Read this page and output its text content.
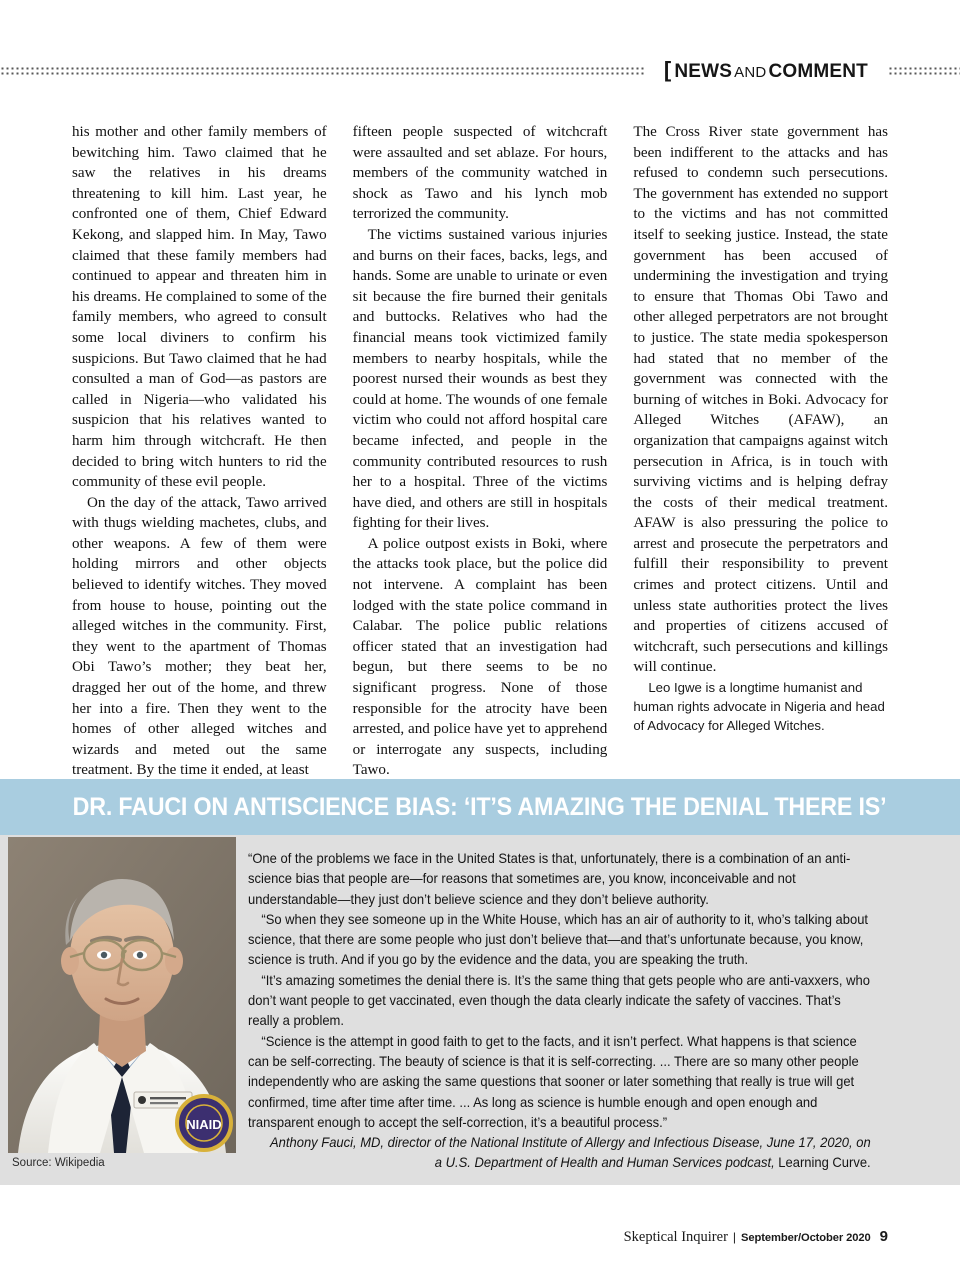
[ NEWS AND COMMENT

his mother and other family members of bewitching him. Tawo claimed that he saw the relatives in his dreams threatening to kill him. Last year, he confronted one of them, Chief Edward Kekong, and slapped him. In May, Tawo claimed that these family members had continued to appear and threaten him in his dreams. He complained to some of the family members, who agreed to consult some local diviners to confirm his suspicions. But Tawo claimed that he had consulted a man of God—as pastors are called in Nigeria—who validated his suspicion that his relatives wanted to harm him through witchcraft. He then decided to bring witch hunters to rid the community of these evil people.

On the day of the attack, Tawo arrived with thugs wielding machetes, clubs, and other weapons. A few of them were holding mirrors and other objects believed to identify witches. They moved from house to house, pointing out the alleged witches in the community. First, they went to the apartment of Thomas Obi Tawo’s mother; they beat her, dragged her out of the home, and threw her into a fire. Then they went to the homes of other alleged witches and wizards and meted out the same treatment. By the time it ended, at least

fifteen people suspected of witchcraft were assaulted and set ablaze. For hours, members of the community watched in shock as Tawo and his lynch mob terrorized the community.

The victims sustained various injuries and burns on their faces, backs, legs, and hands. Some are unable to urinate or even sit because the fire burned their genitals and buttocks. Relatives who had the financial means took victimized family members to nearby hospitals, while the poorest nursed their wounds as best they could at home. The wounds of one female victim who could not afford hospital care became infected, and people in the community contributed resources to rush her to a hospital. Three of the victims have died, and others are still in hospitals fighting for their lives.

A police outpost exists in Boki, where the attacks took place, but the police did not intervene. A complaint has been lodged with the state police command in Calabar. The police public relations officer stated that an investigation had begun, but there seems to be no significant progress. None of those responsible for the atrocity have been arrested, and police have yet to apprehend or interrogate any suspects, including Tawo.

The Cross River state government has been indifferent to the attacks and has refused to condemn such persecutions. The government has extended no support to the victims and has not committed itself to seeking justice. Instead, the state government has been accused of undermining the investigation and trying to ensure that Thomas Obi Tawo and other alleged perpetrators are not brought to justice. The state media spokesperson had stated that no member of the government was connected with the burning of witches in Boki. Advocacy for Alleged Witches (AFAW), an organization that campaigns against witch persecution in Africa, is in touch with surviving victims and is helping defray the costs of their medical treatment. AFAW is also pressuring the police to arrest and prosecute the perpetrators and fulfill their responsibility to prevent crimes and protect citizens. Until and unless state authorities protect the lives and properties of citizens accused of witchcraft, such persecutions and killings will continue.

Leo Igwe is a longtime humanist and human rights advocate in Nigeria and head of Advocacy for Alleged Witches.

DR. FAUCI ON ANTISCIENCE BIAS: ‘IT’S AMAZING THE DENIAL THERE IS’
NIAID
Source: Wikipedia

“One of the problems we face in the United States is that, unfortunately, there is a combination of an anti-science bias that people are—for reasons that sometimes are, you know, inconceivable and not understandable—they just don’t believe science and they don’t believe authority.

“So when they see someone up in the White House, which has an air of authority to it, who’s talking about science, that there are some people who just don’t believe that—and that’s unfortunate because, you know, science is truth. And if you go by the evidence and the data, you are speaking the truth.

“It’s amazing sometimes the denial there is. It’s the same thing that gets people who are anti-vaxxers, who don’t want people to get vaccinated, even though the data clearly indicate the safety of vaccines. That’s really a problem.

“Science is the attempt in good faith to get to the facts, and it isn’t perfect. What happens is that science can be self-correcting. The beauty of science is that it is self-correcting. ... There are so many other people independently who are asking the same questions that sooner or later something that really is true will get confirmed, time after time after time. ... As long as science is humble enough and open enough and transparent enough to accept the self-correction, it’s a beautiful process.”

Anthony Fauci, MD, director of the National Institute of Allergy and Infectious Disease, June 17, 2020, on a U.S. Department of Health and Human Services podcast, Learning Curve.

Skeptical Inquirer | September/October 2020 9
